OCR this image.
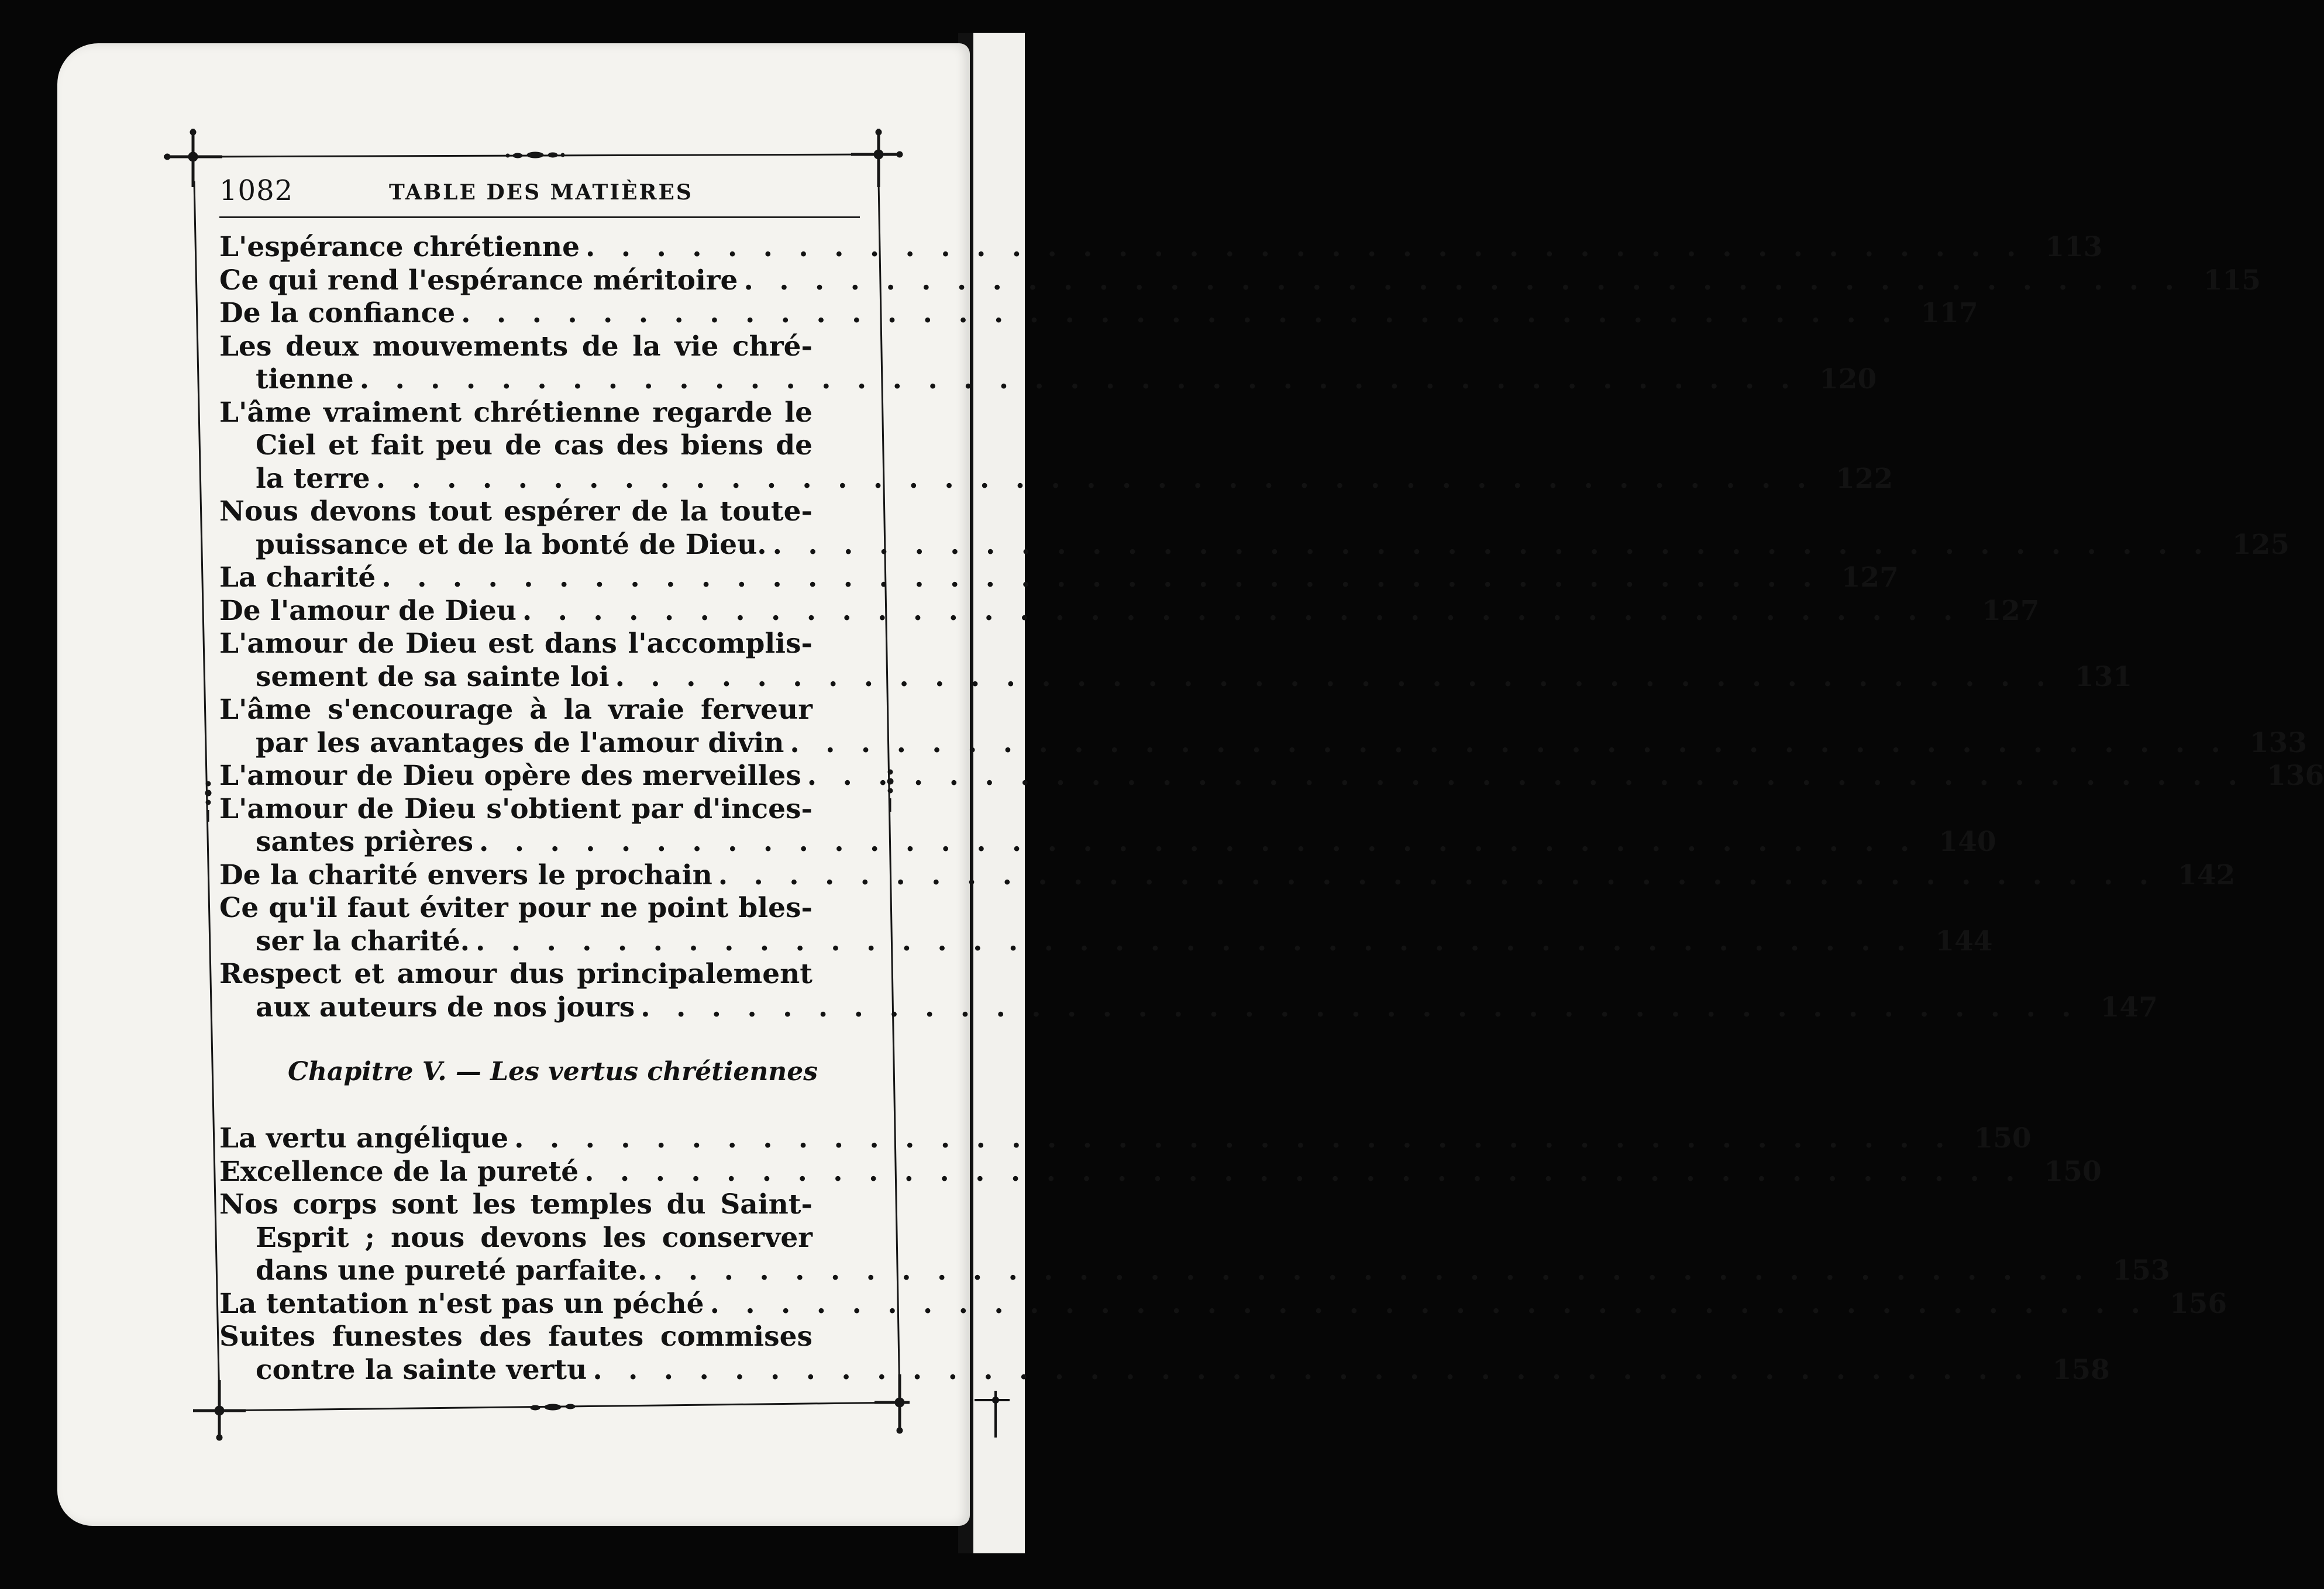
1082	TABLE DES MATIÈRES
L'espérance chrétienne . . . . . . . . . . . . . . . . . . . . . . . . . . . . . . . . . . . . . . . . . 113
Ce qui rend l'espérance méritoire . . . . . . . . . . . . . . . . . . . . . . . . . . . . . . . . . . . . . . . . . 115
De la confiance . . . . . . . . . . . . . . . . . . . . . . . . . . . . . . . . . . . . . . . . . 117
Les deux mouvements de la vie chré-
tienne . . . . . . . . . . . . . . . . . . . . . . . . . . . . . . . . . . . . . . . . . 120
L'âme vraiment chrétienne regarde le
Ciel et fait peu de cas des biens de
la terre . . . . . . . . . . . . . . . . . . . . . . . . . . . . . . . . . . . . . . . . . 122
Nous devons tout espérer de la toute-
puissance et de la bonté de Dieu. . . . . . . . . . . . . . . . . . . . . . . . . . . . . . . . . . . . . . . . . . 125
La charité . . . . . . . . . . . . . . . . . . . . . . . . . . . . . . . . . . . . . . . . . 127
De l'amour de Dieu . . . . . . . . . . . . . . . . . . . . . . . . . . . . . . . . . . . . . . . . . 127
L'amour de Dieu est dans l'accomplis-
sement de sa sainte loi . . . . . . . . . . . . . . . . . . . . . . . . . . . . . . . . . . . . . . . . . 131
L'âme s'encourage à la vraie ferveur
par les avantages de l'amour divin . . . . . . . . . . . . . . . . . . . . . . . . . . . . . . . . . . . . . . . . . 133
L'amour de Dieu opère des merveilles . . . . . . . . . . . . . . . . . . . . . . . . . . . . . . . . . . . . . . . . . 136
L'amour de Dieu s'obtient par d'inces-
santes prières . . . . . . . . . . . . . . . . . . . . . . . . . . . . . . . . . . . . . . . . . 140
De la charité envers le prochain . . . . . . . . . . . . . . . . . . . . . . . . . . . . . . . . . . . . . . . . . 142
Ce qu'il faut éviter pour ne point bles-
ser la charité. . . . . . . . . . . . . . . . . . . . . . . . . . . . . . . . . . . . . . . . . . 144
Respect et amour dus principalement
aux auteurs de nos jours . . . . . . . . . . . . . . . . . . . . . . . . . . . . . . . . . . . . . . . . . 147
Chapitre V. — Les vertus chrétiennes
La vertu angélique . . . . . . . . . . . . . . . . . . . . . . . . . . . . . . . . . . . . . . . . . 150
Excellence de la pureté . . . . . . . . . . . . . . . . . . . . . . . . . . . . . . . . . . . . . . . . . 150
Nos corps sont les temples du Saint-
Esprit ; nous devons les conserver
dans une pureté parfaite. . . . . . . . . . . . . . . . . . . . . . . . . . . . . . . . . . . . . . . . . . 153
La tentation n'est pas un péché . . . . . . . . . . . . . . . . . . . . . . . . . . . . . . . . . . . . . . . . . 156
Suites funestes des fautes commises
contre la sainte vertu . . . . . . . . . . . . . . . . . . . . . . . . . . . . . . . . . . . . . . . . . 158
